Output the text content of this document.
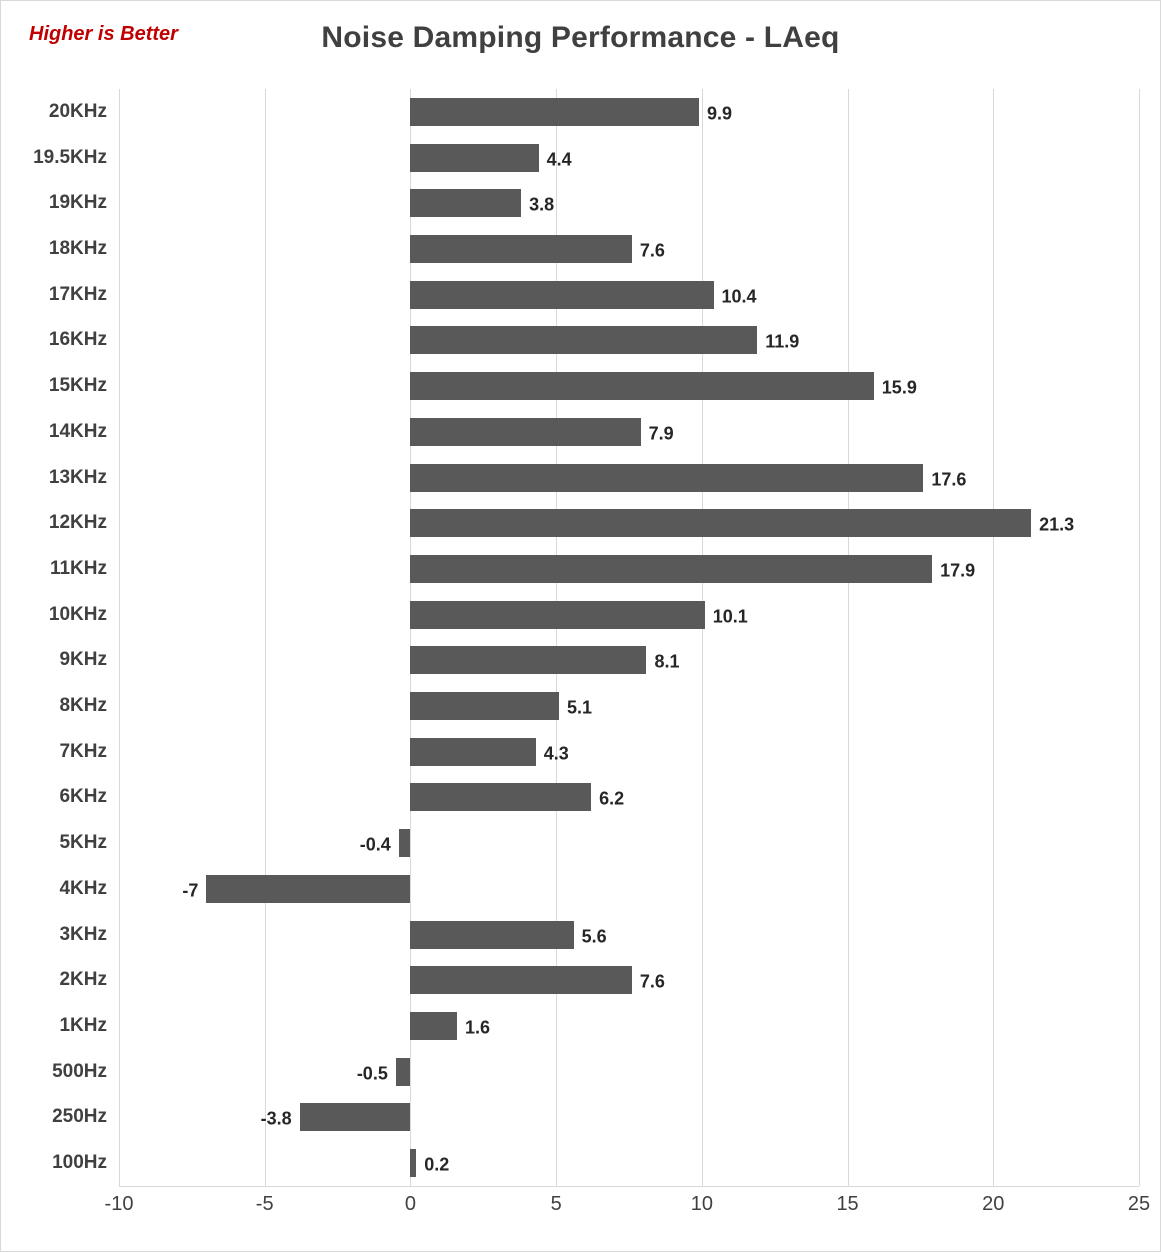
Higher is Better	Noise Damping Performance - LAeq
0.2
-3.8
-0.5
1.6
7.6
5.6
-7
-0.4
6.2
4.3
5.1
8.1
10.1
17.9
21.3
17.6
7.9
15.9
11.9
10.4
7.6
3.8
4.4
9.9
-10	-5	0	5	10	15	20	25
100Hz
250Hz
500Hz
1KHz
2KHz
3KHz
4KHz
5KHz
6KHz
7KHz
8KHz
9KHz
10KHz
11KHz
12KHz
13KHz
14KHz
15KHz
16KHz
17KHz
18KHz
19KHz
19.5KHz
20KHz
